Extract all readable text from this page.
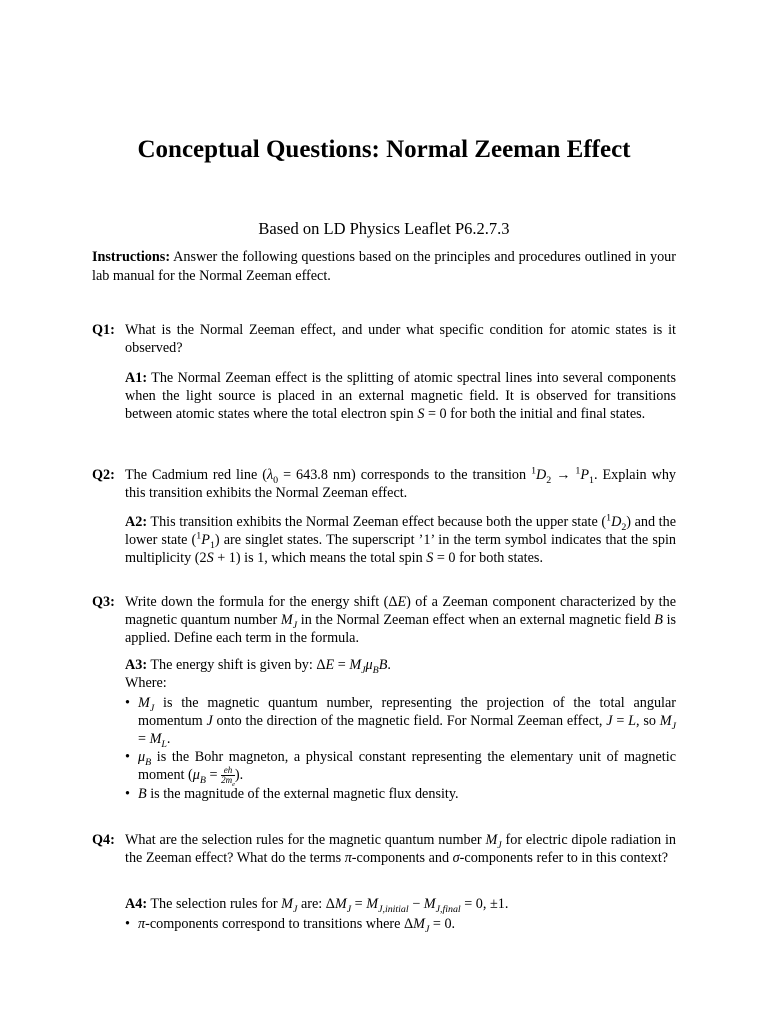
Conceptual Questions: Normal Zeeman Effect

Based on LD Physics Leaflet P6.2.7.3

Instructions: Answer the following questions based on the principles and procedures outlined in your lab manual for the Normal Zeeman effect.

Q1: What is the Normal Zeeman effect, and under what specific condition for atomic states is it observed?

A1: The Normal Zeeman effect is the splitting of atomic spectral lines into several components when the light source is placed in an external magnetic field. It is observed for transitions between atomic states where the total electron spin S = 0 for both the initial and final states.

Q2: The Cadmium red line ($\lambda_0 = 643.8$ nm) corresponds to the transition $^1D_2 \to ^1P_1$. Explain why this transition exhibits the Normal Zeeman effect.

A2: This transition exhibits the Normal Zeeman effect because both the upper state $(^1D_2)$ and the lower state $(^1P_1)$ are singlet states. The superscript ’1’ in the term symbol indicates that the spin multiplicity (2S + 1) is 1, which means the total spin S = 0 for both states.

Q3: Write down the formula for the energy shift (ΔE) of a Zeeman component characterized by the magnetic quantum number $M_J$ in the Normal Zeeman effect when an external magnetic field B is applied. Define each term in the formula.
A3: The energy shift is given by: $\Delta E = M_J\mu_BB$.
Where:
• $M_J$ is the magnetic quantum number, representing the projection of the total angular momentum J onto the direction of the magnetic field. For Normal Zeeman effect, J = L, so $M_J = M_L$.
• $\mu_B$ is the Bohr magneton, a physical constant representing the elementary unit of magnetic moment ($\mu_B = \frac{eh}{2m_e}$ ).
• B is the magnitude of the external magnetic flux density.
Q4: What are the selection rules for the magnetic quantum number $M_J$ for electric dipole radiation in the Zeeman effect? What do the terms π-components and σ-components refer to in this context?
A4: The selection rules for $M_J$ are: $\Delta M_J = M_{J,initial} - M_{J,final} = 0$, ±1.
• π-components correspond to transitions where $\Delta M_J = 0$.
